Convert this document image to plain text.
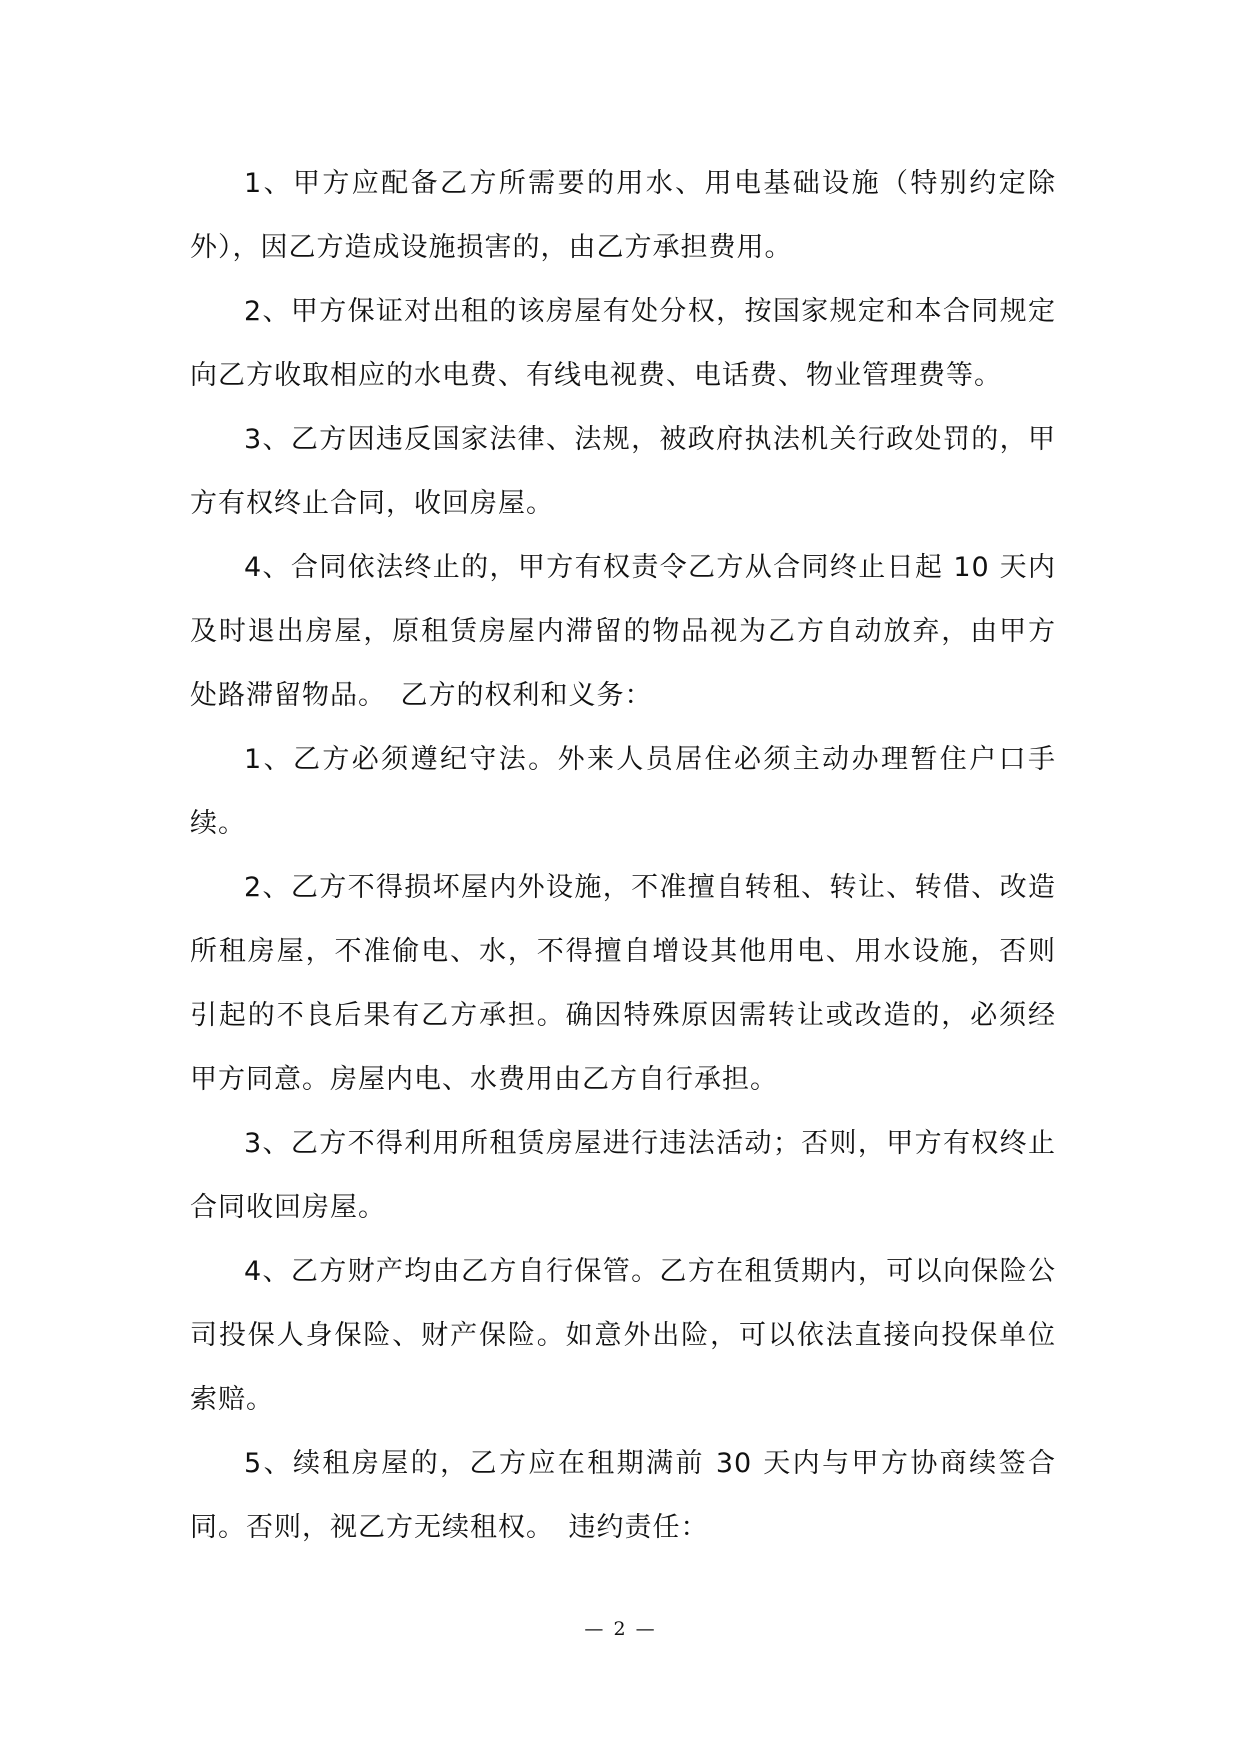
1、甲方应配备乙方所需要的用水、用电基础设施（特别约定除外），因乙方造成设施损害的，由乙方承担费用。

2、甲方保证对出租的该房屋有处分权，按国家规定和本合同规定向乙方收取相应的水电费、有线电视费、电话费、物业管理费等。

3、乙方因违反国家法律、法规，被政府执法机关行政处罚的，甲方有权终止合同，收回房屋。

4、合同依法终止的，甲方有权责令乙方从合同终止日起 10 天内及时退出房屋，原租赁房屋内滞留的物品视为乙方自动放弃，由甲方处路滞留物品。　乙方的权利和义务：

1、乙方必须遵纪守法。外来人员居住必须主动办理暂住户口手续。

2、乙方不得损坏屋内外设施，不准擅自转租、转让、转借、改造所租房屋，不准偷电、水，不得擅自增设其他用电、用水设施，否则引起的不良后果有乙方承担。确因特殊原因需转让或改造的，必须经甲方同意。房屋内电、水费用由乙方自行承担。

3、乙方不得利用所租赁房屋进行违法活动；否则，甲方有权终止合同收回房屋。

4、乙方财产均由乙方自行保管。乙方在租赁期内，可以向保险公司投保人身保险、财产保险。如意外出险，可以依法直接向投保单位索赔。

5、续租房屋的，乙方应在租期满前 30 天内与甲方协商续签合同。否则，视乙方无续租权。　违约责任：

— 2 —
